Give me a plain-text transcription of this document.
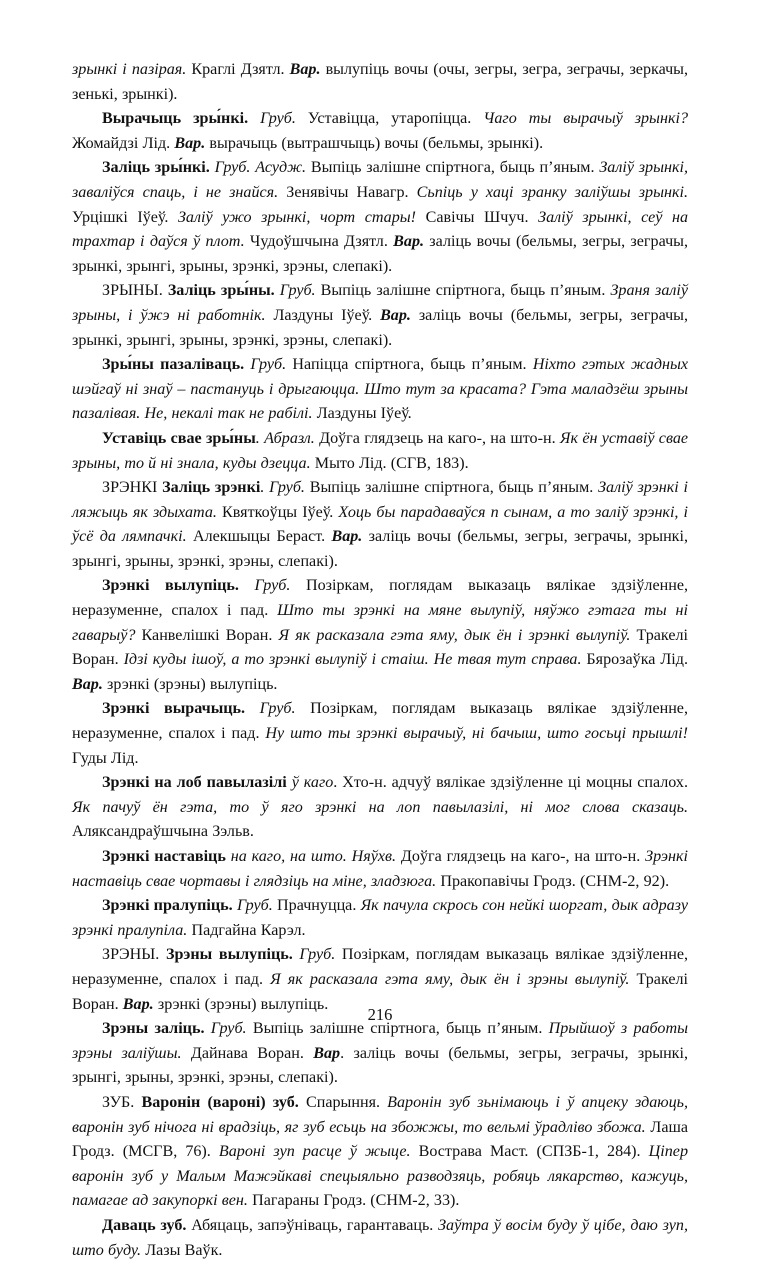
зрынкі і пазірая. Краглі Дзятл. Вар. вылупіць вочы (очы, зегры, зегра, зеграчы, зеркачы, зенькі, зрынкі).

Вырачыць зры́нкі. Груб. Уставіцца, утаропіцца. Чаго ты вырачыў зрынкі? Жомайдзі Лід. Вар. вырачыць (вытрашчыць) вочы (бельмы, зрынкі).

Заліць зры́нкі. Груб. Асудж. Выпіць залішне спіртнога, быць п’яным. Заліў зрынкі, заваліўся спаць, і не знайся. Зенявічы Навагр. Сьпіць у хаці зранку заліўшы зрынкі. Урцішкі Іўеў. Заліў ужо зрынкі, чорт стары! Савічы Шчуч. Заліў зрынкі, сеў на трахтар і даўся ў плот. Чудоўшчына Дзятл. Вар. заліць вочы (бельмы, зегры, зеграчы, зрынкі, зрынгі, зрыны, зрэнкі, зрэны, слепакі).

ЗРЫНЫ. Заліць зры́ны. Груб. Выпіць залішне спіртнога, быць п’яным. Зраня заліў зрыны, і ўжэ ні работнік. Лаздуны Іўеў. Вар. заліць вочы (бельмы, зегры, зеграчы, зрынкі, зрынгі, зрыны, зрэнкі, зрэны, слепакі).

Зры́ны пазаліваць. Груб. Напіцца спіртнога, быць п’яным. Ніхто гэтых жадных шэйгаў ні знаў – пастануць і дрыгаюцца. Што тут за красата? Гэта маладзёш зрыны пазалівая. Не, некалі так не рабілі. Лаздуны Іўеў.

Уставіць свае зры́ны. Абразл. Доўга глядзець на каго-, на што-н. Як ён уставіў свае зрыны, то й ні знала, куды дзецца. Мыто Лід. (СГВ, 183).

ЗРЭНКІ Заліць зрэнкі. Груб. Выпіць залішне спіртнога, быць п’яным. Заліў зрэнкі і ляжыць як здыхата. Квяткоўцы Іўеў. Хоць бы парадаваўся п сынам, а то заліў зрэнкі, і ўсё да лямпачкі. Алекшыцы Бераст. Вар. заліць вочы (бельмы, зегры, зеграчы, зрынкі, зрынгі, зрыны, зрэнкі, зрэны, слепакі).

Зрэнкі вылупіць. Груб. Позіркам, поглядам выказаць вялікае здзіўленне, неразуменне, спалох і пад. Што ты зрэнкі на мяне вылупіў, няўжо гэтага ты ні гаварыў? Канвелішкі Воран. Я як расказала гэта яму, дык ён і зрэнкі вылупіў. Тракелі Воран. Ідзі куды ішоў, а то зрэнкі вылупіў і стаіш. Не твая тут справа. Бярозаўка Лід. Вар. зрэнкі (зрэны) вылупіць.

Зрэнкі вырачыць. Груб. Позіркам, поглядам выказаць вялікае здзіўленне, неразуменне, спалох і пад. Ну што ты зрэнкі вырачыў, ні бачыш, што госьці прышлі! Гуды Лід.

Зрэнкі на лоб павылазілі ў каго. Хто-н. адчуў вялікае здзіўленне ці моцны спалох. Як пачуў ён гэта, то ў яго зрэнкі на лоп павылазілі, ні мог слова сказаць. Аляксандраўшчына Зэльв.

Зрэнкі наставіць на каго, на што. Няўхв. Доўга глядзець на каго-, на што-н. Зрэнкі наставіць свае чортавы і глядзіць на міне, зладзюга. Пракопавічы Гродз. (СНМ-2, 92).

Зрэнкі пралупіць. Груб. Прачнуцца. Як пачула скрось сон нейкі шоргат, дык адразу зрэнкі пралупіла. Падгайна Карэл.

ЗРЭНЫ. Зрэны вылупіць. Груб. Позіркам, поглядам выказаць вялікае здзіўленне, неразуменне, спалох і пад. Я як расказала гэта яму, дык ён і зрэны вылупіў. Тракелі Воран. Вар. зрэнкі (зрэны) вылупіць.

Зрэны заліць. Груб. Выпіць залішне спіртнога, быць п’яным. Прыйшоў з работы зрэны заліўшы. Дайнава Воран. Вар. заліць вочы (бельмы, зегры, зеграчы, зрынкі, зрынгі, зрыны, зрэнкі, зрэны, слепакі).

ЗУБ. Варонін (вароні) зуб. Спарыння. Варонін зуб зьнімаюць і ў апцеку здаюць, варонін зуб нічога ні врадзіць, яг зуб есьць на збожжы, то вельмі ўрадліво збожа. Лаша Гродз. (МСГВ, 76). Вароні зуп расце ў жыце. Вострава Маст. (СПЗБ-1, 284). Ціпер варонін зуб у Малым Мажэйкаві спецыяльно разводзяць, робяць лякарство, кажуць, памагае ад закупоркі вен. Пагараны Гродз. (СНМ-2, 33).

Даваць зуб. Абяцаць, запэўніваць, гарантаваць. Заўтра ў восім буду ў цібе, даю зуп, што буду. Лазы Ваўк.

216
